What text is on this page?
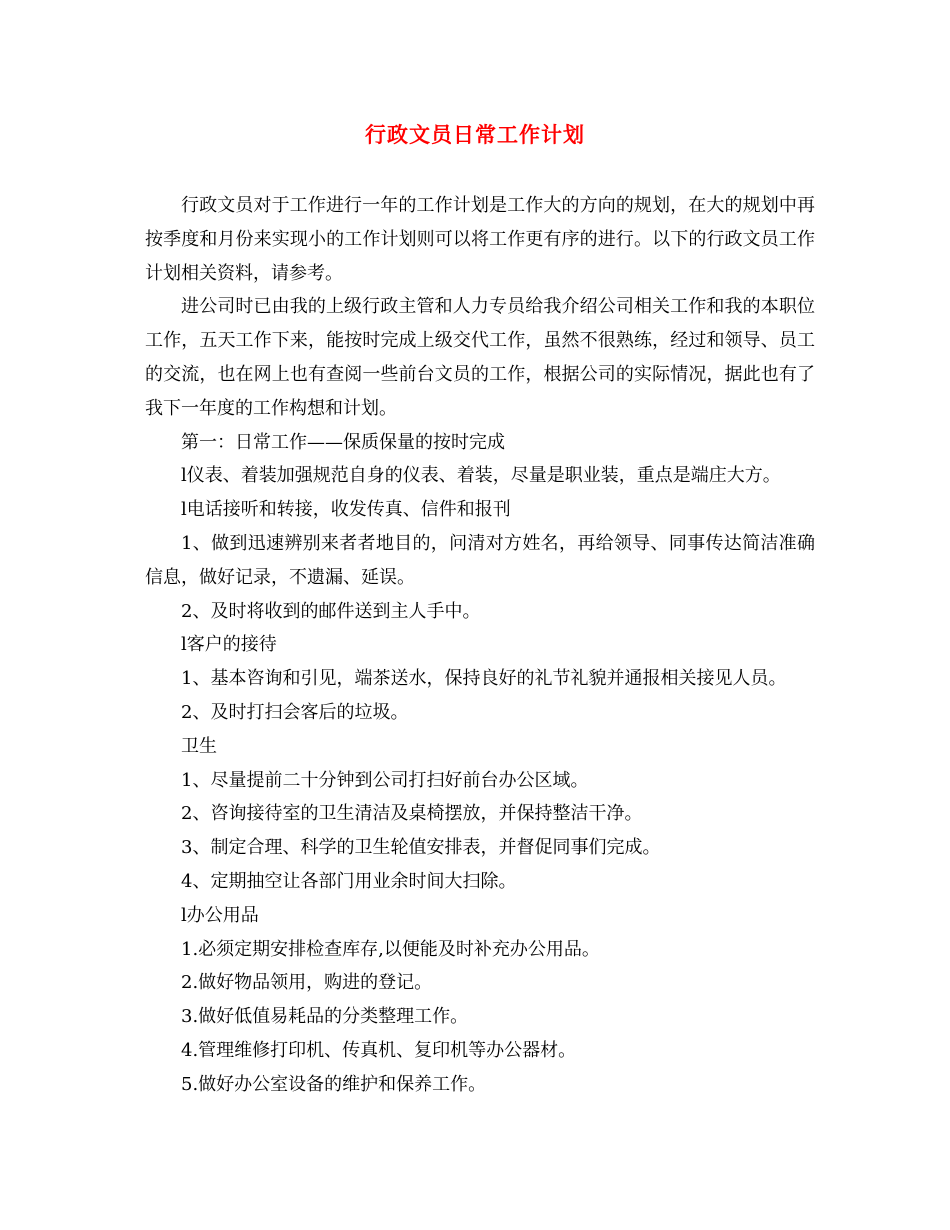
行政文员日常工作计划

行政文员对于工作进行一年的工作计划是工作大的方向的规划，在大的规划中再按季度和月份来实现小的工作计划则可以将工作更有序的进行。以下的行政文员工作计划相关资料，请参考。

进公司时已由我的上级行政主管和人力专员给我介绍公司相关工作和我的本职位工作，五天工作下来，能按时完成上级交代工作，虽然不很熟练，经过和领导、员工的交流，也在网上也有查阅一些前台文员的工作，根据公司的实际情况，据此也有了我下一年度的工作构想和计划。

第一：日常工作——保质保量的按时完成

l仪表、着装加强规范自身的仪表、着装，尽量是职业装，重点是端庄大方。

l电话接听和转接，收发传真、信件和报刊

1、做到迅速辨别来者者地目的，问清对方姓名，再给领导、同事传达简洁准确信息，做好记录，不遗漏、延误。

2、及时将收到的邮件送到主人手中。

l客户的接待

1、基本咨询和引见，端茶送水，保持良好的礼节礼貌并通报相关接见人员。

2、及时打扫会客后的垃圾。

卫生

1、尽量提前二十分钟到公司打扫好前台办公区域。

2、咨询接待室的卫生清洁及桌椅摆放，并保持整洁干净。

3、制定合理、科学的卫生轮值安排表，并督促同事们完成。

4、定期抽空让各部门用业余时间大扫除。

l办公用品

1.必须定期安排检查库存,以便能及时补充办公用品。

2.做好物品领用，购进的登记。

3.做好低值易耗品的分类整理工作。

4.管理维修打印机、传真机、复印机等办公器材。

5.做好办公室设备的维护和保养工作。
